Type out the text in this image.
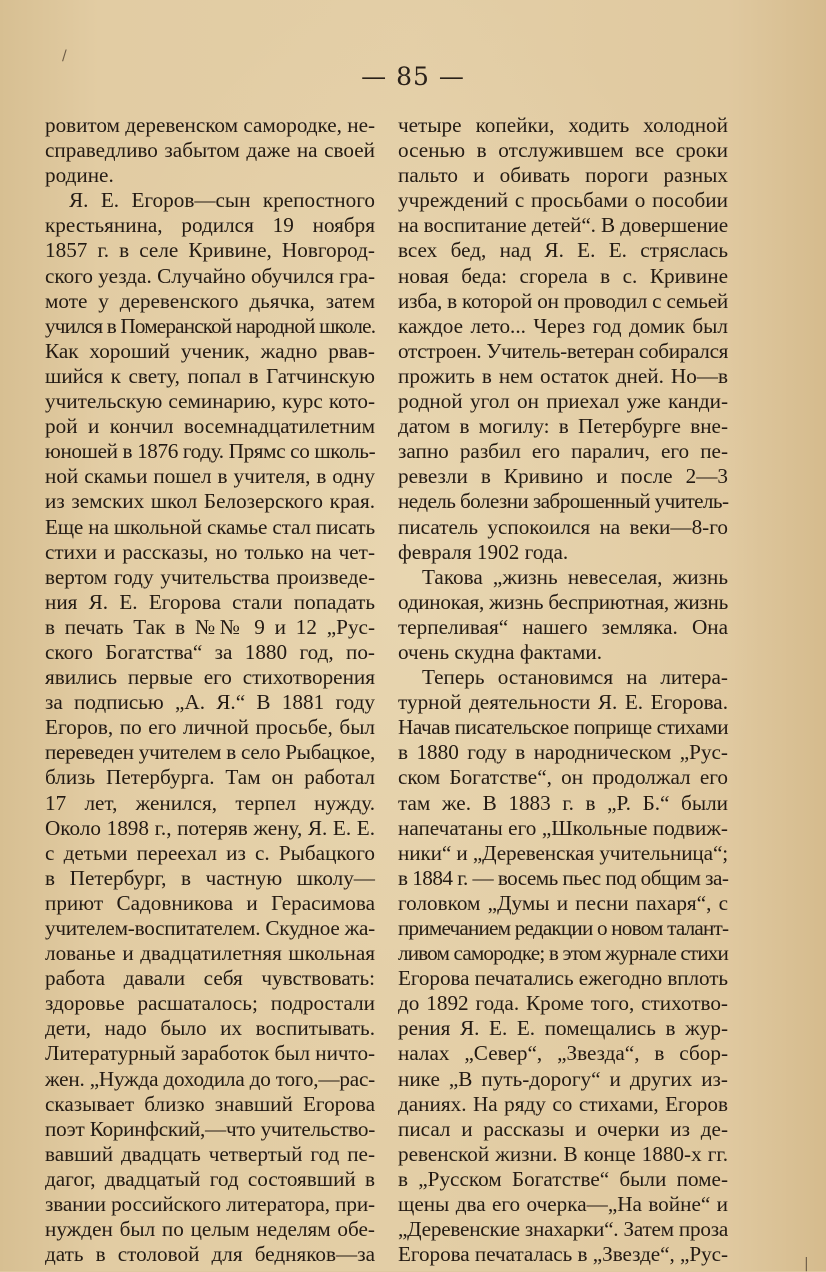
— 85 —
ровитом деревенском самородке, не-
справедливо забытом даже на своей
родине.
Я. Е. Егоров—сын крепостного
крестьянина, родился 19 ноября
1857 г. в селе Кривине, Новгород-
ского уезда. Случайно обучился гра-
моте у деревенского дьячка, затем
учился в Померанской народной школе.
Как хороший ученик, жадно рвав-
шийся к свету, попал в Гатчинскую
учительскую семинарию, курс кото-
рой и кончил восемнадцатилетним
юношей в 1876 году. Прямс со школь-
ной скамьи пошел в учителя, в одну
из земских школ Белозерского края.
Еще на школьной скамье стал писать
стихи и рассказы, но только на чет-
вертом году учительства произведе-
ния Я. Е. Егорова стали попадать
в печать Так в №№ 9 и 12 „Рус-
ского Богатства“ за 1880 год, по-
явились первые его стихотворения
за подписью „А. Я.“ В 1881 году
Егоров, по его личной просьбе, был
переведен учителем в село Рыбацкое,
близь Петербурга. Там он работал
17 лет, женился, терпел нужду.
Около 1898 г., потеряв жену, Я. Е. Е.
с детьми переехал из с. Рыбацкого
в Петербург, в частную школу—
приют Садовникова и Герасимова
учителем-воспитателем. Скудное жа-
лованье и двадцатилетняя школьная
работа давали себя чувствовать:
здоровье расшаталось; подростали
дети, надо было их воспитывать.
Литературный заработок был ничто-
жен. „Нужда доходила до того,—рас-
сказывает близко знавший Егорова
поэт Коринфский,—что учительство-
вавший двадцать четвертый год пе-
дагог, двадцатый год состоявший в
звании российского литератора, при-
нужден был по целым неделям обе-
дать в столовой для бедняков—за
четыре копейки, ходить холодной
осенью в отслужившем все сроки
пальто и обивать пороги разных
учреждений с просьбами о пособии
на воспитание детей“. В довершение
всех бед, над Я. Е. Е. стряслась
новая беда: сгорела в с. Кривине
изба, в которой он проводил с семьей
каждое лето... Через год домик был
отстроен. Учитель-ветеран собирался
прожить в нем остаток дней. Но—в
родной угол он приехал уже канди-
датом в могилу: в Петербурге вне-
запно разбил его паралич, его пе-
ревезли в Кривино и после 2—3
недель болезни заброшенный учитель-
писатель успокоился на веки—8-го
февраля 1902 года.
Такова „жизнь невеселая, жизнь
одинокая, жизнь бесприютная, жизнь
терпеливая“ нашего земляка. Она
очень скудна фактами.
Теперь остановимся на литера-
турной деятельности Я. Е. Егорова.
Начав писательское поприще стихами
в 1880 году в народническом „Рус-
ском Богатстве“, он продолжал его
там же. В 1883 г. в „Р. Б.“ были
напечатаны его „Школьные подвиж-
ники“ и „Деревенская учительница“;
в 1884 г. — восемь пьес под общим за-
головком „Думы и песни пахаря“, с
примечанием редакции о новом талант-
ливом самородке; в этом журнале стихи
Егорова печатались ежегодно вплоть
до 1892 года. Кроме того, стихотво-
рения Я. Е. Е. помещались в жур-
налах „Север“, „Звезда“, в сбор-
нике „В путь-дорогу“ и других из-
даниях. На ряду со стихами, Егоров
писал и рассказы и очерки из де-
ревенской жизни. В конце 1880-х гг.
в „Русском Богатстве“ были поме-
щены два его очерка—„На войне“ и
„Деревенские знахарки“. Затем проза
Егорова печаталась в „Звезде“, „Рус-
/
|
